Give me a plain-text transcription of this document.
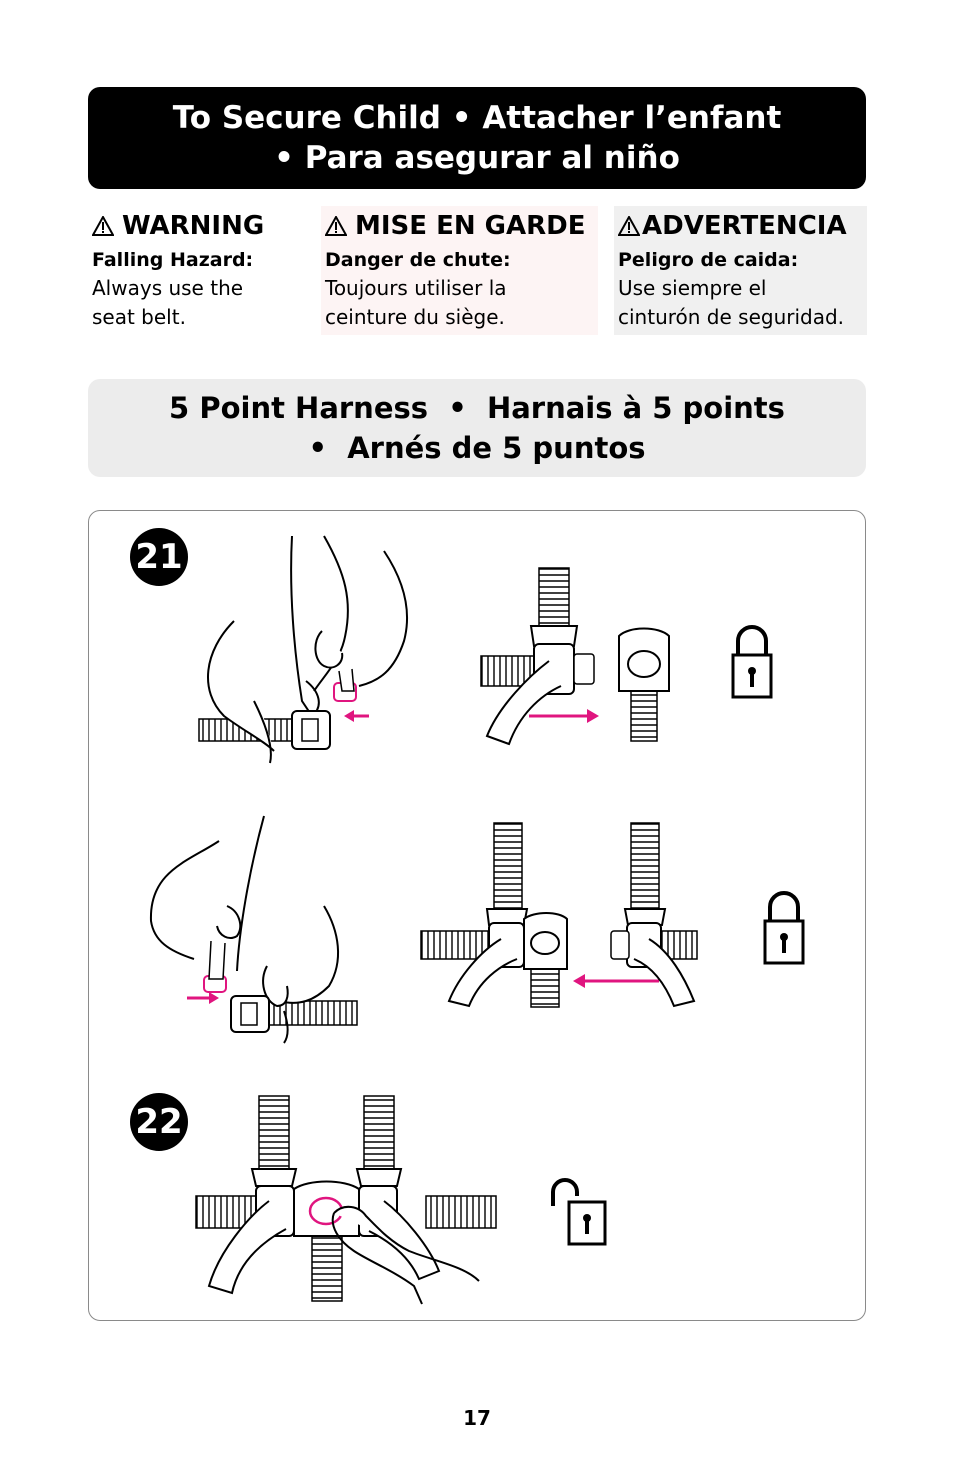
To Secure Child • Attacher l’enfant
• Para asegurar al niño
WARNING
Falling Hazard:
Always use the
seat belt.
MISE EN GARDE
Danger de chute:
Toujours utiliser la
ceinture du siège.
ADVERTENCIA
Peligro de caida:
Use siempre el
cinturón de seguridad.
5 Point Harness  •  Harnais à 5 points
•  Arnés de 5 puntos
21
22
17
